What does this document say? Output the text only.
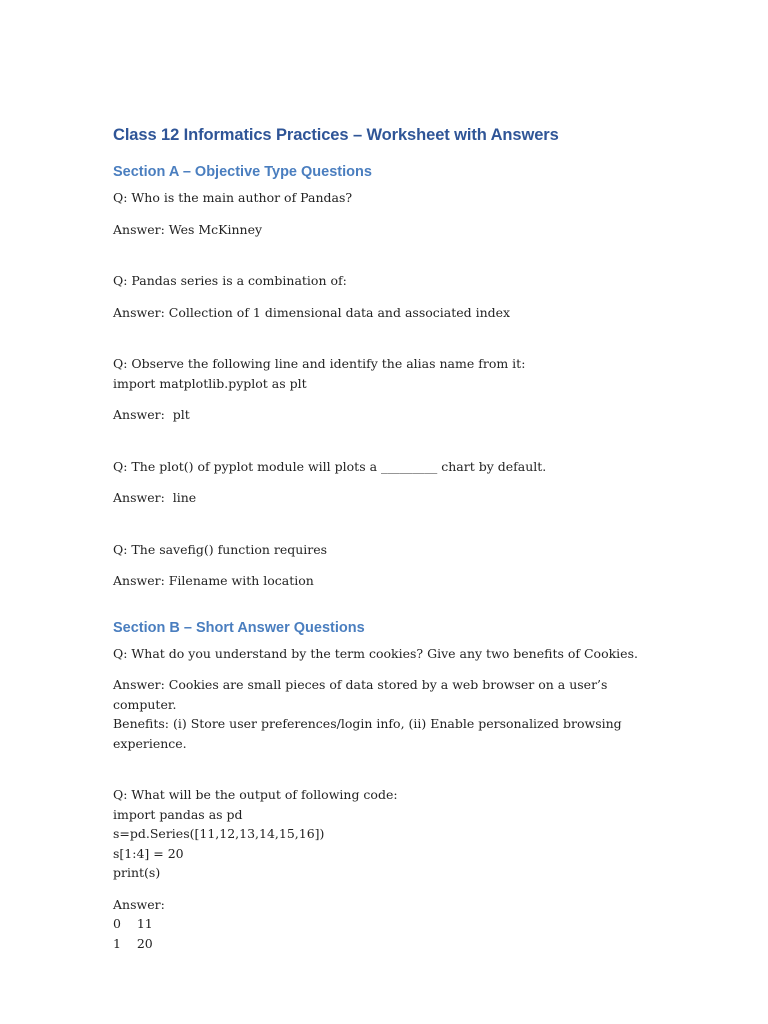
Class 12 Informatics Practices – Worksheet with Answers
Section A – Objective Type Questions

Q: Who is the main author of Pandas?

Answer: Wes McKinney

Q: Pandas series is a combination of:

Answer: Collection of 1 dimensional data and associated index

Q: Observe the following line and identify the alias name from it:
import matplotlib.pyplot as plt

Answer:  plt

Q: The plot() of pyplot module will plots a _________ chart by default.

Answer:  line

Q: The savefig() function requires

Answer: Filename with location

Section B – Short Answer Questions

Q: What do you understand by the term cookies? Give any two benefits of Cookies.

Answer: Cookies are small pieces of data stored by a web browser on a user’s computer.
Benefits: (i) Store user preferences/login info, (ii) Enable personalized browsing
experience.

Q: What will be the output of following code:
import pandas as pd
s=pd.Series([11,12,13,14,15,16])
s[1:4] = 20
print(s)

Answer:
0    11
1    20
